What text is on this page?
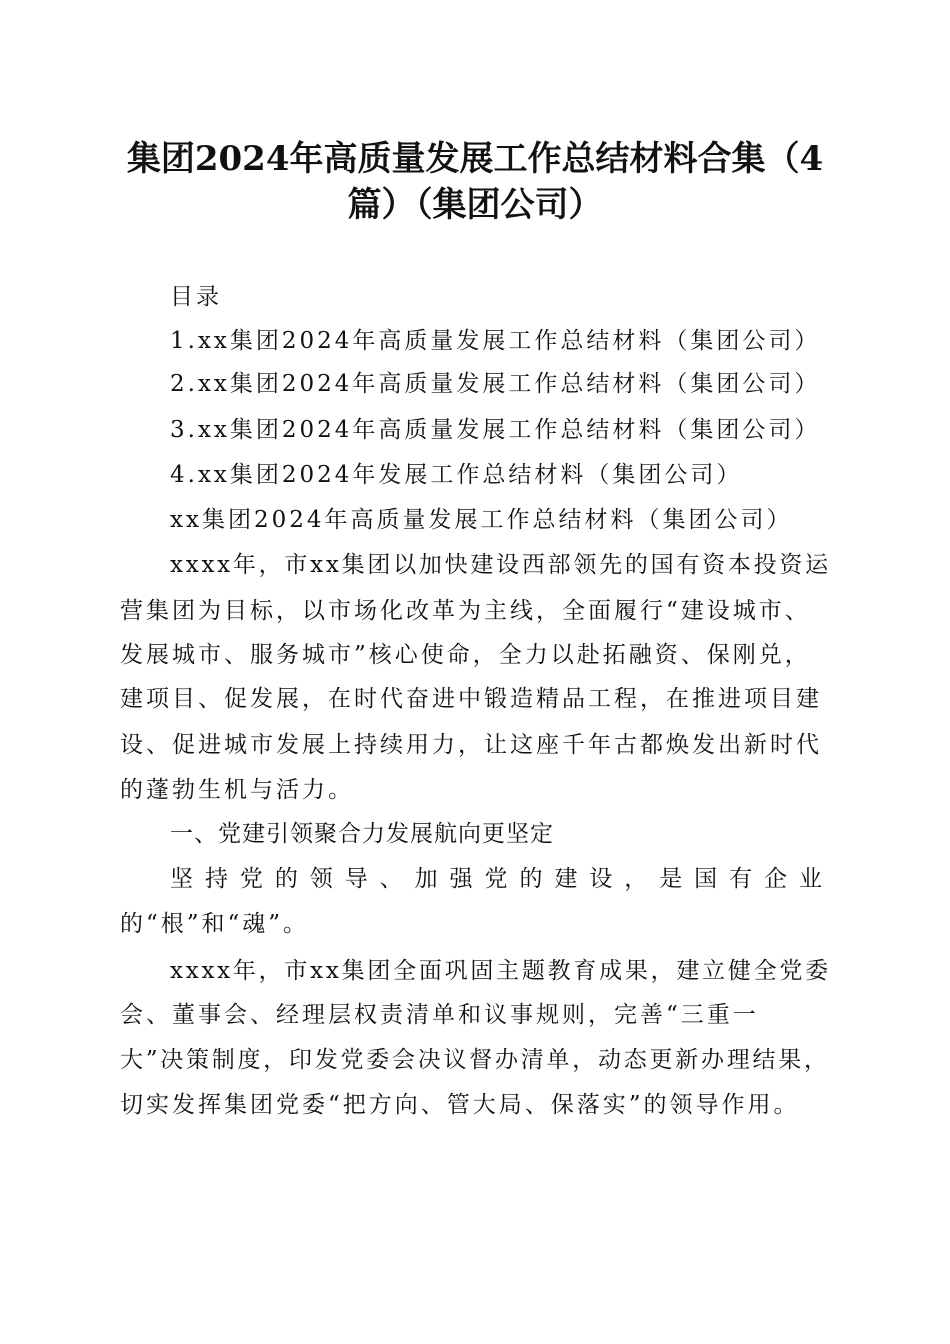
集团2024年高质量发展工作总结材料合集（4
篇）（集团公司）
目录
1.xx集团2024年高质量发展工作总结材料（集团公司）
2.xx集团2024年高质量发展工作总结材料（集团公司）
3.xx集团2024年高质量发展工作总结材料（集团公司）
4.xx集团2024年发展工作总结材料（集团公司）
xx集团2024年高质量发展工作总结材料（集团公司）
xxxx年，市xx集团以加快建设西部领先的国有资本投资运
营集团为目标，以市场化改革为主线，全面履行“建设城市、
发展城市、服务城市”核心使命，全力以赴拓融资、保刚兑，
建项目、促发展，在时代奋进中锻造精品工程，在推进项目建
设、促进城市发展上持续用力，让这座千年古都焕发出新时代
的蓬勃生机与活力。
一、党建引领聚合力发展航向更坚定
坚持党的领导、加强党的建设，是国有企业
的“根”和“魂”。
xxxx年，市xx集团全面巩固主题教育成果，建立健全党委
会、董事会、经理层权责清单和议事规则，完善“三重一
大”决策制度，印发党委会决议督办清单，动态更新办理结果，
切实发挥集团党委“把方向、管大局、保落实”的领导作用。
